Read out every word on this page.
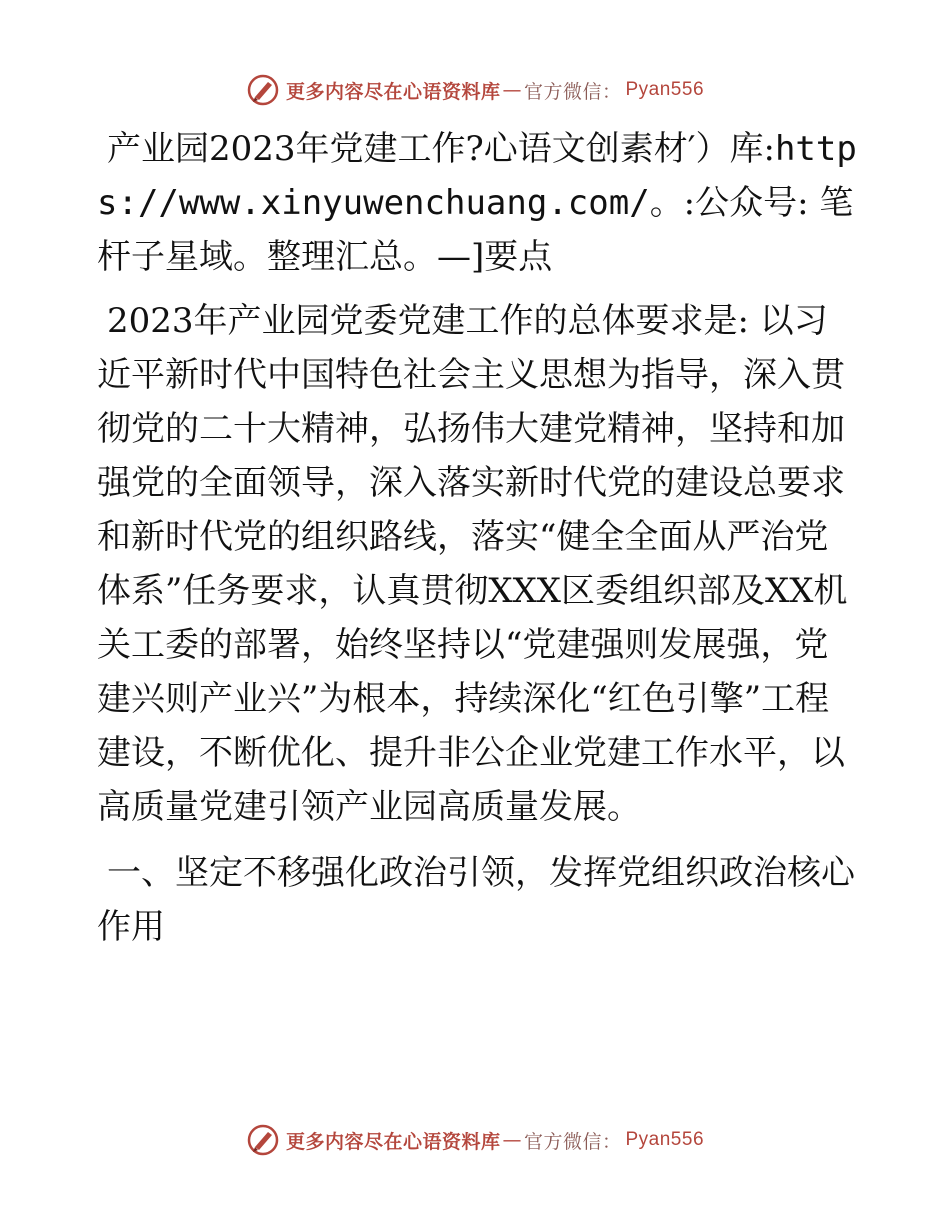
更多内容尽在心语资料库 — 官方微信： Pyan556

产业园2023年党建工作?心语文创素材′）库:https://www.xinyuwenchuang.com/。:公众号: 笔杆子星域。整理汇总。—]要点

2023年产业园党委党建工作的总体要求是: 以习近平新时代中国特色社会主义思想为指导，深入贯彻党的二十大精神，弘扬伟大建党精神，坚持和加强党的全面领导，深入落实新时代党的建设总要求和新时代党的组织路线，落实“健全全面从严治党体系”任务要求，认真贯彻XXX区委组织部及XX机关工委的部署，始终坚持以“党建强则发展强，党建兴则产业兴”为根本，持续深化“红色引擎”工程建设，不断优化、提升非公企业党建工作水平，以高质量党建引领产业园高质量发展。

一、坚定不移强化政治引领，发挥党组织政治核心作用

更多内容尽在心语资料库 — 官方微信： Pyan556
